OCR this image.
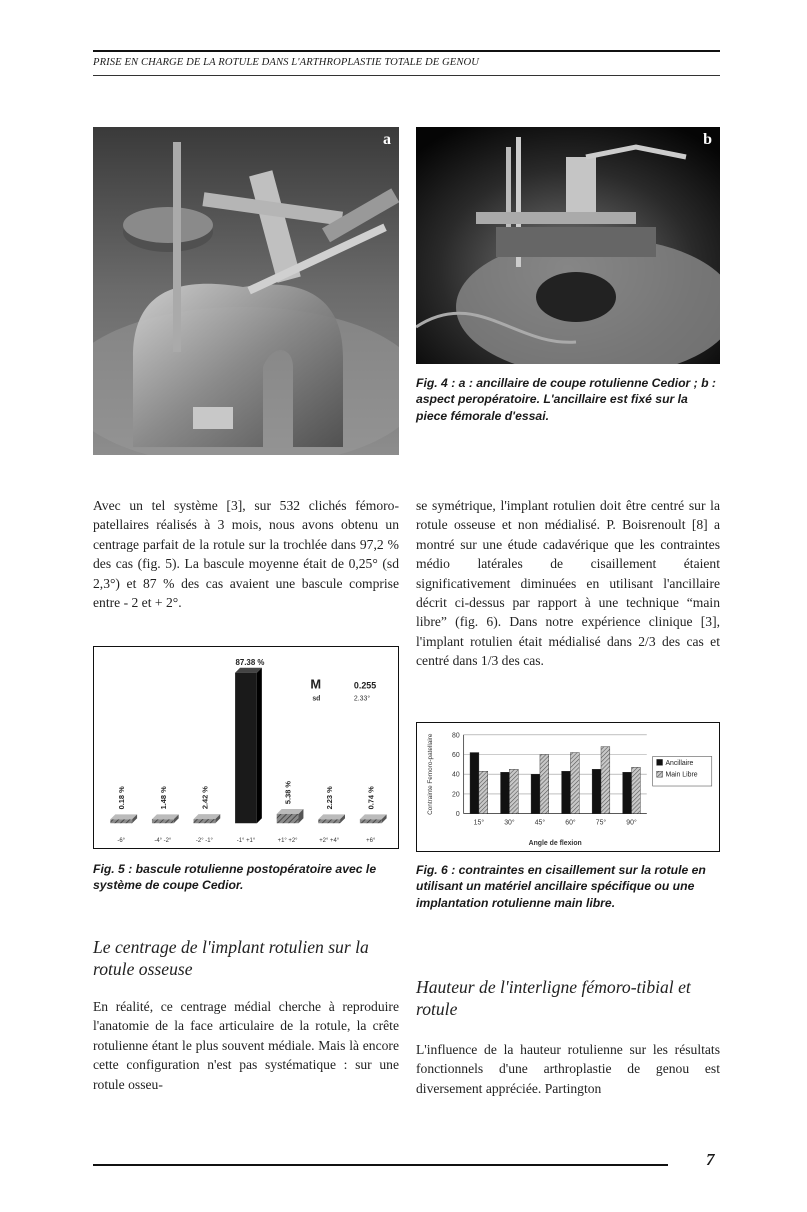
PRISE EN CHARGE DE LA ROTULE DANS L'ARTHROPLASTIE TOTALE DE GENOU
a	b
Fig. 4 : a : ancillaire de coupe rotulienne Cedior ; b : aspect peropératoire. L'ancillaire est fixé sur la piece fémorale d'essai.

Avec un tel système [3], sur 532 clichés fémoro-patellaires réalisés à 3 mois, nous avons obtenu un centrage parfait de la rotule sur la trochlée dans 97,2 % des cas (fig. 5). La bascule moyenne était de 0,25° (sd 2,3°) et 87 % des cas avaient une bascule comprise entre - 2 et + 2°.

se symétrique, l'implant rotulien doit être centré sur la rotule osseuse et non médialisé. P. Boisrenoult [8] a montré sur une étude cadavérique que les contraintes médio latérales de cisaillement étaient significativement diminuées en utilisant l'ancillaire décrit ci-dessus par rapport à une technique “main libre” (fig. 6). Dans notre expérience clinique [3], l'implant rotulien était médialisé dans 2/3 des cas et centré dans 1/3 des cas.

0.18 %
-6°
1.48 %
-4° -2°
2.42 %
-2° -1°
87.38 %
-1° +1°
5.38 %
+1° +2°
2.23 %
+2° +4°
0.74 %
+6°
M	0.255
sd	2.33°
Fig. 5 : bascule rotulienne postopératoire avec le système de coupe Cedior.
0
20
40
60
80
15°	30°	45°	60°	75°	90°
Angle de flexion
Contrainte Femoro-patellaire	Ancillaire
Main Libre
Fig. 6 : contraintes en cisaillement sur la rotule en utilisant un matériel ancillaire spécifique ou une implantation rotulienne main libre.
Le centrage de l'implant rotulien sur la rotule osseuse
Hauteur de l'interligne fémoro-tibial et rotule

En réalité, ce centrage médial cherche à reproduire l'anatomie de la face articulaire de la rotule, la crête rotulienne étant le plus souvent médiale. Mais là encore cette configuration n'est pas systématique : sur une rotule osseu-

L'influence de la hauteur rotulienne sur les résultats fonctionnels d'une arthroplastie de genou est diversement appréciée. Partington

7
